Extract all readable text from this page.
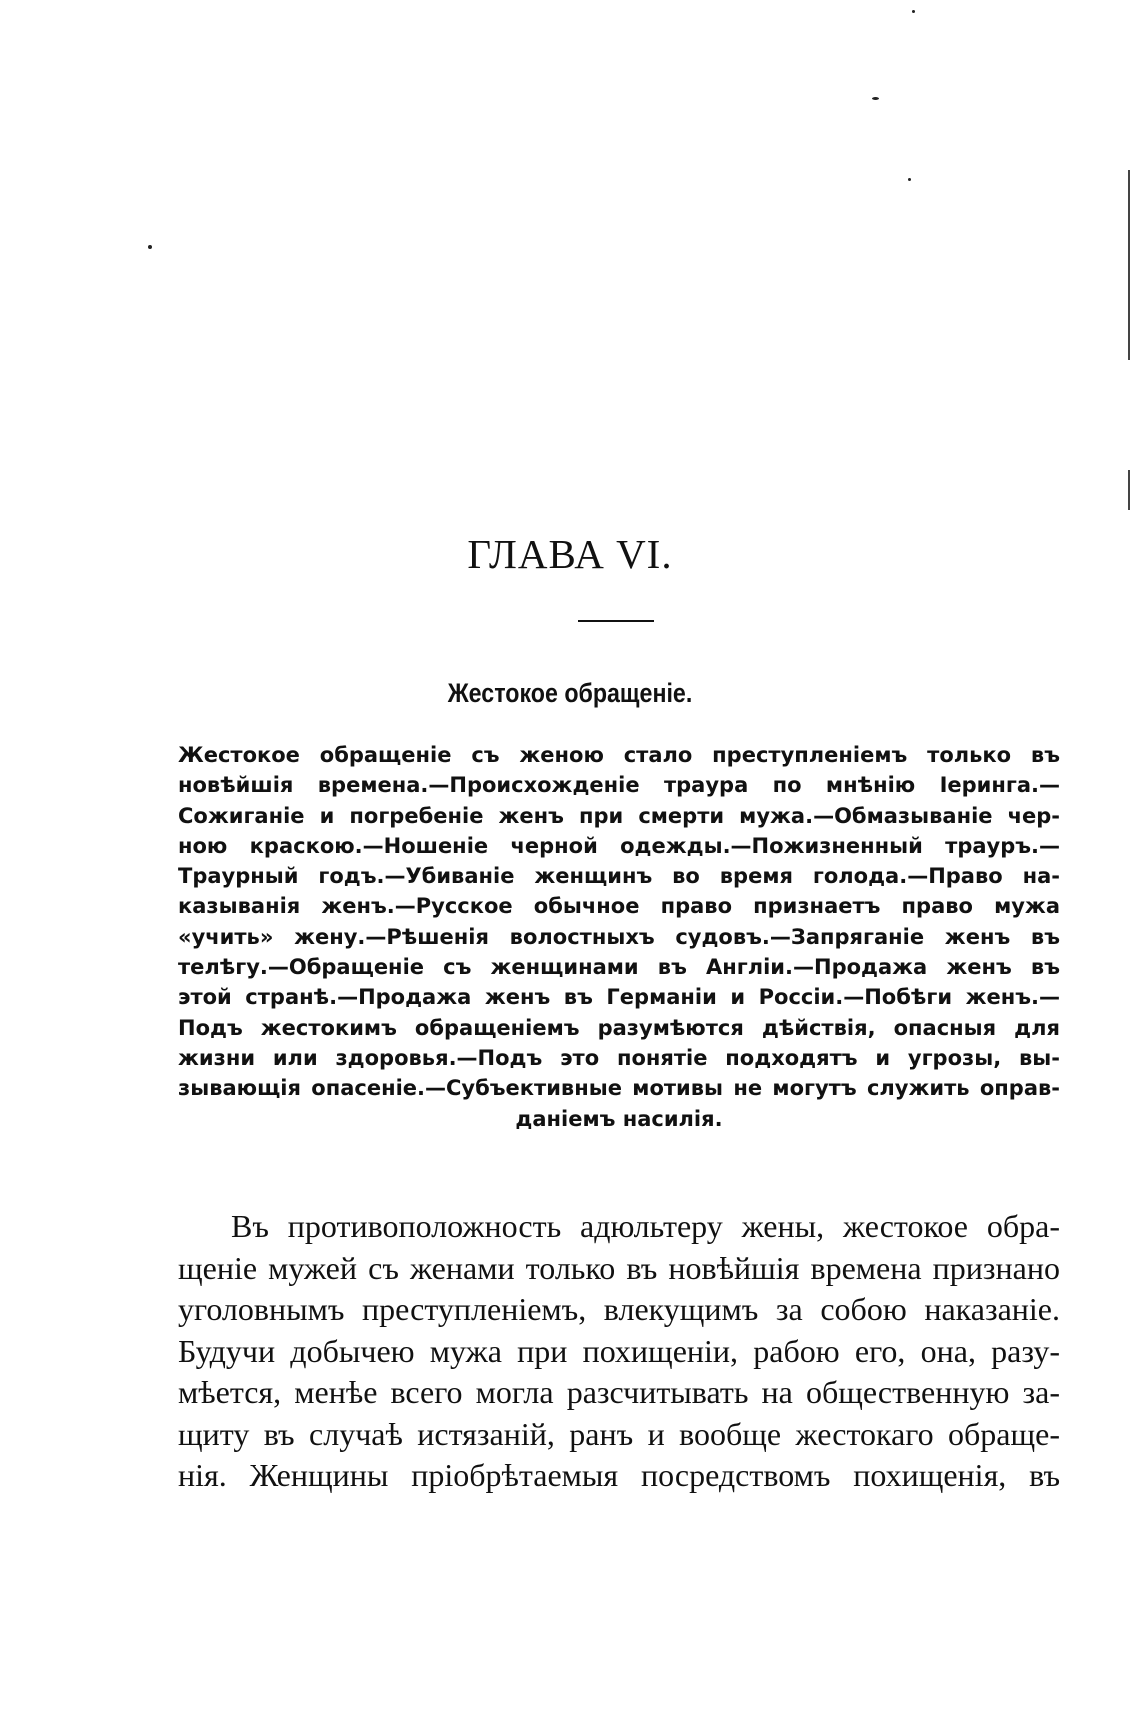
ГЛАВА VI.
Жестокое обращеніе.
Жестокое обращеніе съ женою стало преступленіемъ только въ
новѣйшія времена.—Происхожденіе траура по мнѣнію Іеринга.—
Сожиганіе и погребеніе женъ при смерти мужа.—Обмазываніе чер-
ною краскою.—Ношеніе черной одежды.—Пожизненный трауръ.—
Траурный годъ.—Убиваніе женщинъ во время голода.—Право на-
казыванія женъ.—Русское обычное право признаетъ право мужа
«учить» жену.—Рѣшенія волостныхъ судовъ.—Запряганіе женъ въ
телѣгу.—Обращеніе съ женщинами въ Англіи.—Продажа женъ въ
этой странѣ.—Продажа женъ въ Германіи и Россіи.—Побѣги женъ.—
Подъ жестокимъ обращеніемъ разумѣются дѣйствія, опасныя для
жизни или здоровья.—Подъ это понятіе подходятъ и угрозы, вы-
зывающія опасеніе.—Субъективные мотивы не могутъ служить оправ-
даніемъ насилія.
Въ противоположность адюльтеру жены, жестокое обра-
щеніе мужей съ женами только въ новѣйшія времена признано
уголовнымъ преступленіемъ, влекущимъ за собою наказаніе.
Будучи добычею мужа при похищеніи, рабою его, она, разу-
мѣется, менѣе всего могла разсчитывать на общественную за-
щиту въ случаѣ истязаній, ранъ и вообще жестокаго обраще-
нія. Женщины пріобрѣтаемыя посредствомъ похищенія, въ
